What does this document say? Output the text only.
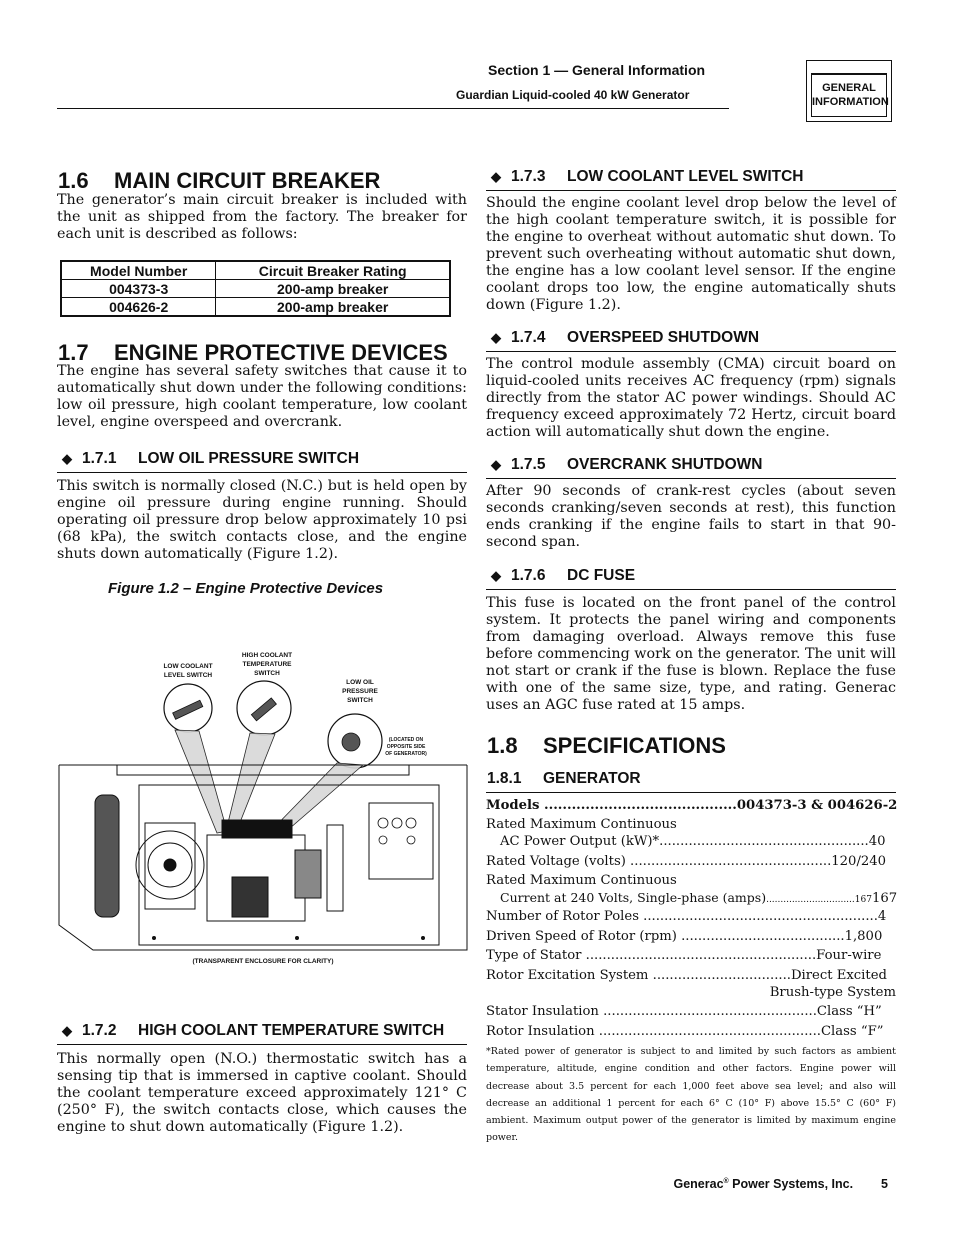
Section 1 — General Information
Guardian Liquid-cooled 40 kW Generator	GENERAL
INFORMATION
1.6 MAIN CIRCUIT BREAKER

The generator’s main circuit breaker is included with the unit as shipped from the factory. The breaker for each unit is described as follows:

Model Number	Circuit Breaker Rating
004373-3	200-amp breaker
004626-2	200-amp breaker
1.7 ENGINE PROTECTIVE DEVICES

The engine has several safety switches that cause it to automatically shut down under the following conditions: low oil pressure, high coolant temperature, low coolant level, engine overspeed and overcrank.

◆ 1.7.1 LOW OIL PRESSURE SWITCH

This switch is normally closed (N.C.) but is held open by engine oil pressure during engine running. Should operating oil pressure drop below approximately 10 psi (68 kPa), the switch contacts close, and the engine shuts down automatically (Figure 1.2).

Figure 1.2 – Engine Protective Devices
LOW COOLANT
LEVEL SWITCH
HIGH COOLANT
TEMPERATURE
SWITCH
LOW OIL
PRESSURE
SWITCH
(LOCATED ON
OPPOSITE SIDE
OF GENERATOR)
(TRANSPARENT ENCLOSURE FOR CLARITY)
◆ 1.7.2 HIGH COOLANT TEMPERATURE SWITCH

This normally open (N.O.) thermostatic switch has a sensing tip that is immersed in captive coolant. Should the coolant temperature exceed approximately 121° C (250° F), the switch contacts close, which causes the engine to shut down automatically (Figure 1.2).

◆ 1.7.3 LOW COOLANT LEVEL SWITCH

Should the engine coolant level drop below the level of the high coolant temperature switch, it is possible for the engine to overheat without automatic shut down. To prevent such overheating without automatic shut down, the engine has a low coolant level sensor. If the engine coolant drops too low, the engine automatically shuts down (Figure 1.2).

◆ 1.7.4 OVERSPEED SHUTDOWN

The control module assembly (CMA) circuit board on liquid-cooled units receives AC frequency (rpm) signals directly from the stator AC power windings. Should AC frequency exceed approximately 72 Hertz, circuit board action will automatically shut down the engine.

◆ 1.7.5 OVERCRANK SHUTDOWN

After 90 seconds of crank-rest cycles (about seven seconds cranking/seven seconds at rest), this function ends cranking if the engine fails to start in that 90-second span.

◆ 1.7.6 DC FUSE

This fuse is located on the front panel of the control system. It protects the panel wiring and components from damaging overload. Always remove this fuse before commencing work on the generator. The unit will not start or crank if the fuse is blown. Replace the fuse with one of the same size, type, and rating. Generac uses an AGC fuse rated at 15 amps.

1.8 SPECIFICATIONS
1.8.1 GENERATOR
Models ..........................................004373-3 & 004626-2
Rated Maximum Continuous
AC Power Output (kW)*..................................................40
Rated Voltage (volts) ................................................120/240
Rated Maximum Continuous
Current at 240 Volts, Single-phase (amps)...............................167167
Number of Rotor Poles ........................................................4
Driven Speed of Rotor (rpm) .......................................1,800
Type of Stator .......................................................Four-wire
Rotor Excitation System .................................Direct Excited
Brush-type System
Stator Insulation ...................................................Class “H”
Rotor Insulation .....................................................Class “F”
*Rated power of generator is subject to and limited by such factors as ambient temperature, altitude, engine condition and other factors. Engine power will decrease about 3.5 percent for each 1,000 feet above sea level; and also will decrease an additional 1 percent for each 6° C (10° F) above 15.5° C (60° F) ambient. Maximum output power of the generator is limited by maximum engine power.
Generac® Power Systems, Inc. 5
